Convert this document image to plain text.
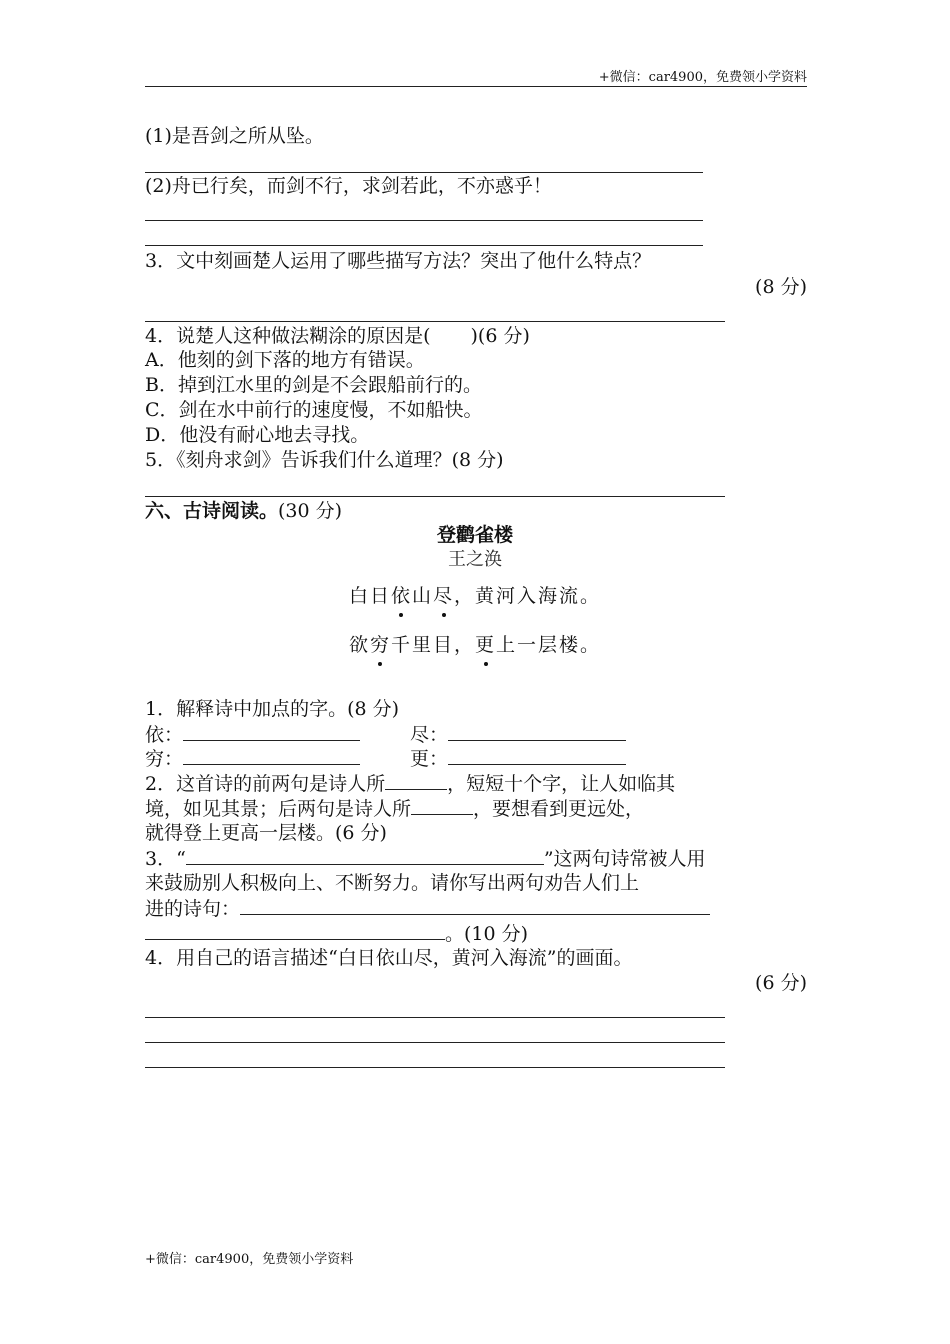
+微信：car4900，免费领小学资料
(1)是吾剑之所从坠。
(2)舟已行矣，而剑不行，求剑若此，不亦惑乎！
3．文中刻画楚人运用了哪些描写方法？突出了他什么特点？
(8 分)
4．说楚人这种做法糊涂的原因是( )(6 分)
A．他刻的剑下落的地方有错误。
B．掉到江水里的剑是不会跟船前行的。
C．剑在水中前行的速度慢，不如船快。
D．他没有耐心地去寻找。
5．《刻舟求剑》告诉我们什么道理？(8 分)
六、古诗阅读。(30 分)
登鹳雀楼
王之涣
白日依山尽，黄河入海流。
欲穷千里目，更上一层楼。
1．解释诗中加点的字。(8 分)
依：	尽：
穷：	更：
2．这首诗的前两句是诗人所	，短短十个字，让人如临其
境，如见其景；后两句是诗人所	，要想看到更远处，
就得登上更高一层楼。(6 分)
3．“	”这两句诗常被人用
来鼓励别人积极向上、不断努力。请你写出两句劝告人们上
进的诗句：
。(10 分)
4．用自己的语言描述“白日依山尽，黄河入海流”的画面。
(6 分)
+微信：car4900，免费领小学资料
